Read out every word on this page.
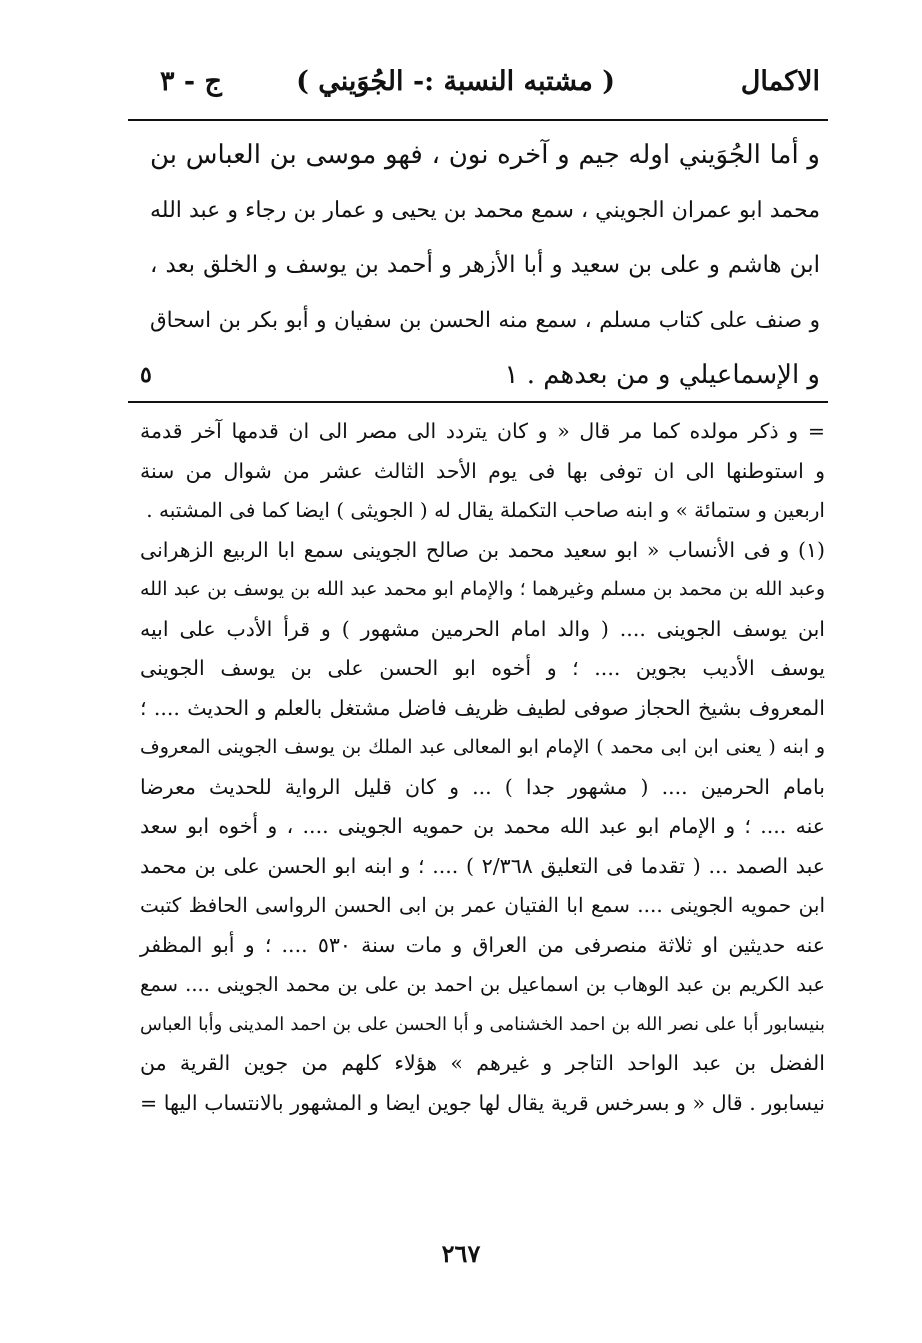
الاكمال
( مشتبه النسبة :- الجُوَيني )
ج - ٣

و أما الجُوَيني اوله جيم و آخره نون ، فهو موسى بن العباس بن

محمد ابو عمران الجويني ، سمع محمد بن يحيى و عمار بن رجاء و عبد الله

ابن هاشم و على بن سعيد و أبا الأزهر و أحمد بن يوسف و الخلق بعد ،

و صنف على كتاب مسلم ، سمع منه الحسن بن سفيان و أبو بكر بن اسحاق

و الإسماعيلي و من بعدهم . ١

٥

= و ذكر مولده كما مر قال « و كان يتردد الى مصر الى ان قدمها آخر قدمة

و استوطنها الى ان توفى بها فى يوم الأحد الثالث عشر من شوال من سنة

اربعين و ستمائة » و ابنه صاحب التكملة يقال له ( الجويثى ) ايضا كما فى المشتبه .

(١) و فى الأنساب « ابو سعيد محمد بن صالح الجوينى سمع ابا الربيع الزهرانى

وعبد الله بن محمد بن مسلم وغيرهما ؛ والإمام ابو محمد عبد الله بن يوسف بن عبد الله

ابن يوسف الجوينى .... ( والد امام الحرمين مشهور ) و قرأ الأدب على ابيه

يوسف الأديب بجوين .... ؛ و أخوه ابو الحسن على بن يوسف الجوينى

المعروف بشيخ الحجاز صوفى لطيف ظريف فاضل مشتغل بالعلم و الحديث .... ؛

و ابنه ( يعنى ابن ابى محمد ) الإمام ابو المعالى عبد الملك بن يوسف الجوينى المعروف

بامام الحرمين .... ( مشهور جدا ) ... و كان قليل الرواية للحديث معرضا

عنه .... ؛ و الإمام ابو عبد الله محمد بن حمويه الجوينى .... ، و أخوه ابو سعد

عبد الصمد ... ( تقدما فى التعليق ٢/٣٦٨ ) .... ؛ و ابنه ابو الحسن على بن محمد

ابن حمويه الجوينى .... سمع ابا الفتيان عمر بن ابى الحسن الرواسى الحافظ كتبت

عنه حديثين او ثلاثة منصرفى من العراق و مات سنة ٥٣٠ .... ؛ و أبو المظفر

عبد الكريم بن عبد الوهاب بن اسماعيل بن احمد بن على بن محمد الجوينى .... سمع

بنيسابور أبا على نصر الله بن احمد الخشنامى و أبا الحسن على بن احمد المدينى وأبا العباس

الفضل بن عبد الواحد التاجر و غيرهم » هؤلاء كلهم من جوين القرية من

نيسابور . قال « و بسرخس قرية يقال لها جوين ايضا و المشهور بالانتساب اليها =

٢٦٧
